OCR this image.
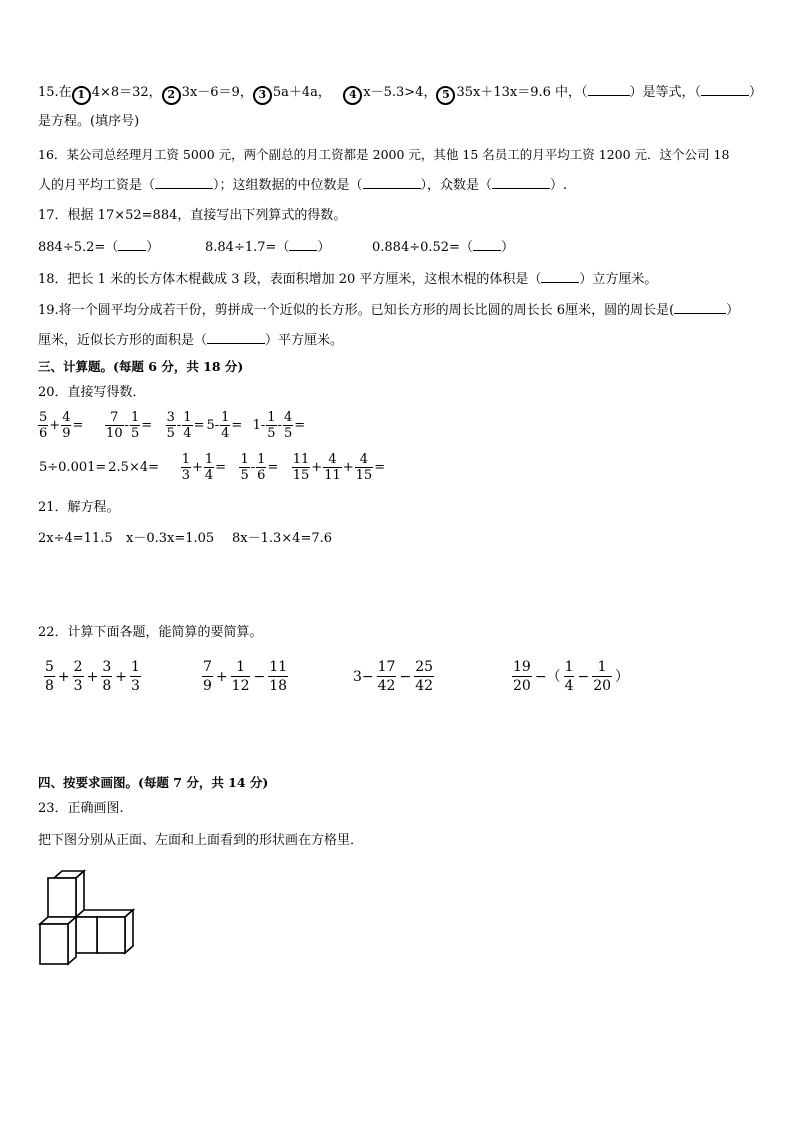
15.在 1 4×8＝32， 2 3x－6＝9， 3 5a＋4a， 4 x－5.3>4， 5 35x＋13x＝9.6 中，（	）是等式，（	）
是方程。(填序号)
16．某公司总经理月工资 5000 元，两个副总的月工资都是 2000 元，其他 15 名员工的月平均工资 1200 元．这个公司 18
人的月平均工资是（	）；这组数据的中位数是（	），众数是（	）.
17．根据 17×52=884，直接写出下列算式的得数。
884÷5.2=（ ）	8.84÷1.7=（ ）	0.884÷0.52=（ ）
18．把长 1 米的长方体木棍截成 3 段，表面积增加 20 平方厘米，这根木棍的体积是（	）立方厘米。
19.将一个圆平均分成若干份，剪拼成一个近似的长方形。已知长方形的周长比圆的周长长 6厘米，圆的周长是(	）
厘米，近似长方形的面积是（	）平方厘米。
三、计算题。(每题 6 分，共 18 分)
20．直接写得数．
$\frac{5}{6} + \frac{4}{9} = \frac{7}{10} - \frac{1}{5} = \frac{3}{5} - \frac{1}{4} = 5- \frac{1}{4} = 1- \frac{1}{5} - \frac{4}{5}$ =
$5\div 0.001= 2.5\times 4= \frac{1}{3} + \frac{1}{4} = \frac{1}{5} - \frac{1}{6} = \frac{11}{15} + \frac{4}{11} + \frac{4}{15}$ =
21．解方程。
2x÷4=11.5 x－0.3x=1.05 8x－1.3×4=7.6
22．计算下面各题，能简算的要简算。
$\frac{5}{8} + \frac{2}{3} + \frac{3}{8} + \frac{1}{3}$	$\frac{7}{9} + \frac{1}{12} - \frac{11}{18}$	$3- \frac{17}{42} - \frac{25}{42}$	$\frac{19}{20}$ −（ $\frac{1}{4} - \frac{1}{20}$ ）
四、按要求画图。(每题 7 分，共 14 分)
23．正确画图.
把下图分别从正面、左面和上面看到的形状画在方格里．
